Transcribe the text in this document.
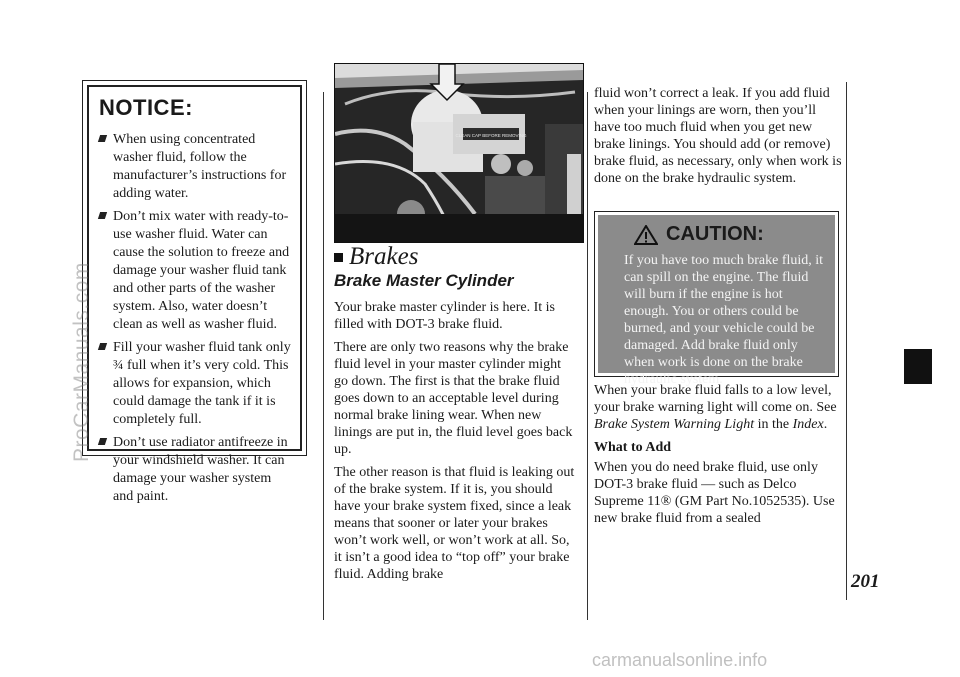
NOTICE:
When using concentrated washer fluid, follow the manufacturer’s instructions for adding water.
Don’t mix water with ready-to-use washer fluid. Water can cause the solution to freeze and damage your washer fluid tank and other parts of the washer system. Also, water doesn’t clean as well as washer fluid.
Fill your washer fluid tank only ¾ full when it’s very cold. This allows for expansion, which could damage the tank if it is completely full.
Don’t use radiator antifreeze in your windshield washer. It can damage your washer system and paint.
CLEAN CAP BEFORE REMOVING
Brakes
Brake Master Cylinder

Your brake master cylinder is here. It is filled with DOT-3 brake fluid.

There are only two reasons why the brake fluid level in your master cylinder might go down. The first is that the brake fluid goes down to an acceptable level during normal brake lining wear. When new linings are put in, the fluid level goes back up.

The other reason is that fluid is leaking out of the brake system. If it is, you should have your brake system fixed, since a leak means that sooner or later your brakes won’t work well, or won’t work at all. So, it isn’t a good idea to “top off” your brake fluid. Adding brake

fluid won’t correct a leak. If you add fluid when your linings are worn, then you’ll have too much fluid when you get new brake linings. You should add (or remove) brake fluid, as necessary, only when work is done on the brake hydraulic system.

CAUTION:
If you have too much brake fluid, it can spill on the engine. The fluid will burn if the engine is hot enough. You or others could be burned, and your vehicle could be damaged. Add brake fluid only when work is done on the brake hydraulic system.

When your brake fluid falls to a low level, your brake warning light will come on. See Brake System Warning Light in the Index.

What to Add

When you do need brake fluid, use only DOT-3 brake fluid — such as Delco Supreme 11® (GM Part No.1052535). Use new brake fluid from a sealed

201
ProCarManuals.com
carmanualsonline.info
